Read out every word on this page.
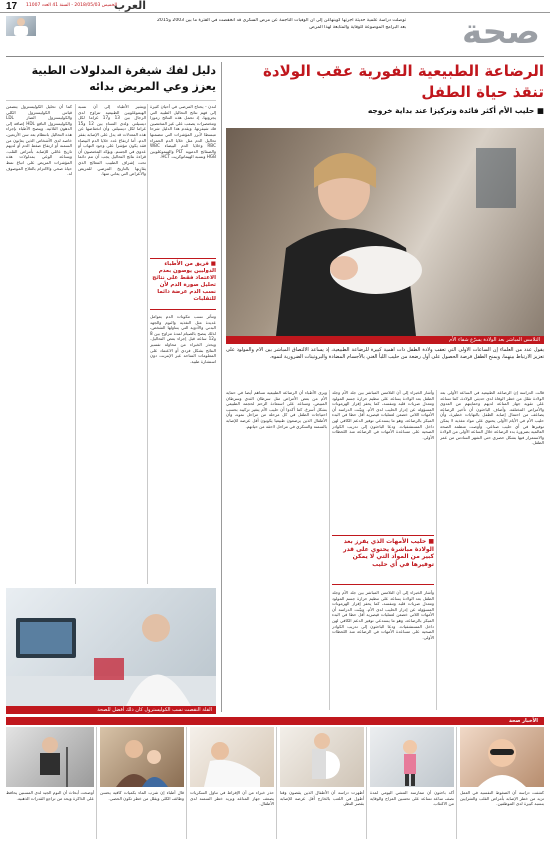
17 الخميس 2018/05/03 - السنة 41 العدد 11007
العرب
توصلت دراسة علمية حديثة أجرتها كوبنهاغن إلى أن الوفيات الناجمة عن مرض السكري قد انخفضت في الفترة ما بين 2003 و2015
بعد البرامج الموضوعة للوقاية والمتابعة لهذا المرض صحة
الرضاعة الطبيعية الفورية عقب الولادة
تنقذ حياة الطفل
■ حليب الأم أكثر فائدة وتركيزا عند بداية خروجه
التلامس المباشر بعد الولادة يسرّع شفاء الأم
يقول عدد من العلماء إن الساعات الأولى التي تعقب ولادة الطفل ذات أهمية كبيرة للرضاعة الطبيعية، إذ يساعد الالتصاق المباشر بين الأم والمولود على تعزيز الارتباط بينهما، ويمنح الطفل فرصة الحصول على أول رضعة من حليب اللبأ الغني بالأجسام المضادة والبروتينات الضرورية لنموه.
قالت الدراسة إن الرضاعة الطبيعية في الساعة الأولى بعد الولادة تقلل من خطر الوفاة لدى حديثي الولادة، كما تساعد على تقوية جهاز المناعة لديهم وحمايتهم من العدوى والأمراض المختلفة. وأضاف الباحثون أن تأخير الرضاعة يضاعف من احتمال إصابة الطفل بالتهابات خطيرة، وأن حليب الأم في الأيام الأولى يحتوي على مواد مغذية لا يمكن توفيرها في أي حليب صناعي. وأوصت منظمة الصحة العالمية بضرورة بدء الرضاعة خلال الساعة الأولى من الولادة والاستمرار فيها بشكل حصري حتى الشهر السادس من عمر الطفل.
وأشار الخبراء إلى أن التلامس المباشر بين جلد الأم وجلد الطفل بعد الولادة يساعد على تنظيم حرارة جسم المولود ومعدل ضربات قلبه وتنفسه، كما يحفز إفراز الهرمونات المسؤولة عن إدرار الحليب لدى الأم. وبيّنت الدراسة أن الأمهات اللاتي خضعن لعمليات قيصرية أقل حظا في البدء المبكر بالرضاعة، وهو ما يستدعي توفير الدعم الكافي لهن داخل المستشفيات. ودعا الباحثون إلى تدريب الكوادر الصحية على مساعدة الأمهات في الرضاعة منذ اللحظات الأولى.
■ حليب الأمهات الذي يفرز بعد الولادة مباشرة يحتوي على قدر كبير من المواد التي لا يمكن توفيرها في أي حليب
وأشار الخبراء إلى أن التلامس المباشر بين جلد الأم وجلد الطفل بعد الولادة يساعد على تنظيم حرارة جسم المولود ومعدل ضربات قلبه وتنفسه، كما يحفز إفراز الهرمونات المسؤولة عن إدرار الحليب لدى الأم. وبيّنت الدراسة أن الأمهات اللاتي خضعن لعمليات قيصرية أقل حظا في البدء المبكر بالرضاعة، وهو ما يستدعي توفير الدعم الكافي لهن داخل المستشفيات. ودعا الباحثون إلى تدريب الكوادر الصحية على مساعدة الأمهات في الرضاعة منذ اللحظات الأولى.
ويرى الأطباء أن الرضاعة الطبيعية تساهم أيضا في حماية الأم من بعض الأمراض مثل سرطان الثدي وسرطان المبيض، وتساعد على استعادة الرحم لحجمه الطبيعي بشكل أسرع. كما أكدوا أن حليب الأم يتغير تركيبه بحسب احتياجات الطفل في كل مرحلة من مراحل نموه، وأن الأطفال الذين يرضعون طبيعيا يكونون أقل عرضة للإصابة بالسمنة والسكري في مراحل لاحقة من حياتهم.
دليل لفك شيفرة المدلولات الطبية
يعزز وعي المريض بدائه
لندن - يحتاج المرضى في أحيان كثيرة إلى فهم نتائج التحاليل الطبية التي يجرونها، إذ تحمل هذه النتائج رموزا ومختصرات يصعب على غير المختصين فك شيفرتها. ويقدم هذا الدليل شرحا مبسطا لأبرز المؤشرات التي تتضمنها تحاليل الدم مثل خلايا الدم الحمراء RBC وخلايا الدم البيضاء WBC والصفائح الدموية PLT والهيموغلوبين HGB ونسبة الهيماتوكريت HCT.
ويشير الأطباء إلى أن نسبة الهيموغلوبين الطبيعية تتراوح لدى الرجال بين 13 و17 غراما لكل ديسيلتر، ولدى النساء بين 12 و15 غراما لكل ديسيلتر، وأن انخفاضها عن هذه المعدلات قد يدل على الإصابة بفقر الدم. أما ارتفاع عدد خلايا الدم البيضاء فقد يكون مؤشرا على وجود التهاب أو عدوى في الجسم. ويؤكد المختصون أن قراءة نتائج التحاليل يجب أن تتم دائما تحت إشراف الطبيب المعالج الذي يقارنها بالتاريخ المرضي للمريض والأعراض التي يعاني منها.
كما أن تحليل الكوليسترول يتضمن قياس الكوليسترول الكلي والكوليسترول الضار LDL والكوليسترول النافع HDL إضافة إلى الدهون الثلاثية. وينصح الأطباء بإجراء هذه التحاليل بانتظام بعد سن الأربعين، خاصة لدى الأشخاص الذين يعانون من السمنة أو ارتفاع ضغط الدم أو لديهم تاريخ عائلي للإصابة بأمراض القلب. ويساعد الوعي بمدلولات هذه المؤشرات المريض على اتباع نمط حياة صحي والالتزام بالعلاج الموصوف له.
■ فريق من الأطباء الدوليين يوصون بعدم الاعتماد فقط على نتائج تحليل صورة الدم لأن نسب الدم عرضة دائما للتقلبات
وتتأثر نسب مكونات الدم بعوامل عديدة مثل التغذية والنوم والجهد البدني والأدوية التي يتناولها الشخص، لذلك ينصح بالصيام لمدة تتراوح بين 8 و12 ساعة قبل إجراء بعض التحاليل. ويحذر الخبراء من محاولة تفسير النتائج بشكل فردي أو الاعتماد على المعلومات المتاحة عبر الإنترنت دون استشارة طبية.
القلة النقصت نسب الكوليسترول كان ذلك أفضل للصحة
الأخبار صحة
كشفت دراسة أن الضغوط النفسية في العمل تزيد من خطر الإصابة بأمراض القلب والشرايين بنسبة كبيرة لدى الموظفين.
أكد باحثون أن ممارسة المشي اليومي لمدة نصف ساعة تساعد على تحسين المزاج والوقاية من الاكتئاب.
أظهرت دراسة أن الأطفال الذين يقضون وقتا أطول في اللعب بالخارج أقل عرضة للإصابة بقصر النظر.
حذر خبراء من أن الإفراط في تناول السكريات يضعف جهاز المناعة ويزيد خطر السمنة لدى الأطفال.
قال أطباء إن شرب الماء بكميات كافية يحسن وظائف الكلى ويقلل من خطر تكون الحصى.
أوضحت أبحاث أن النوم الجيد لدى المسنين يحافظ على الذاكرة ويحد من تراجع القدرات الذهنية.
